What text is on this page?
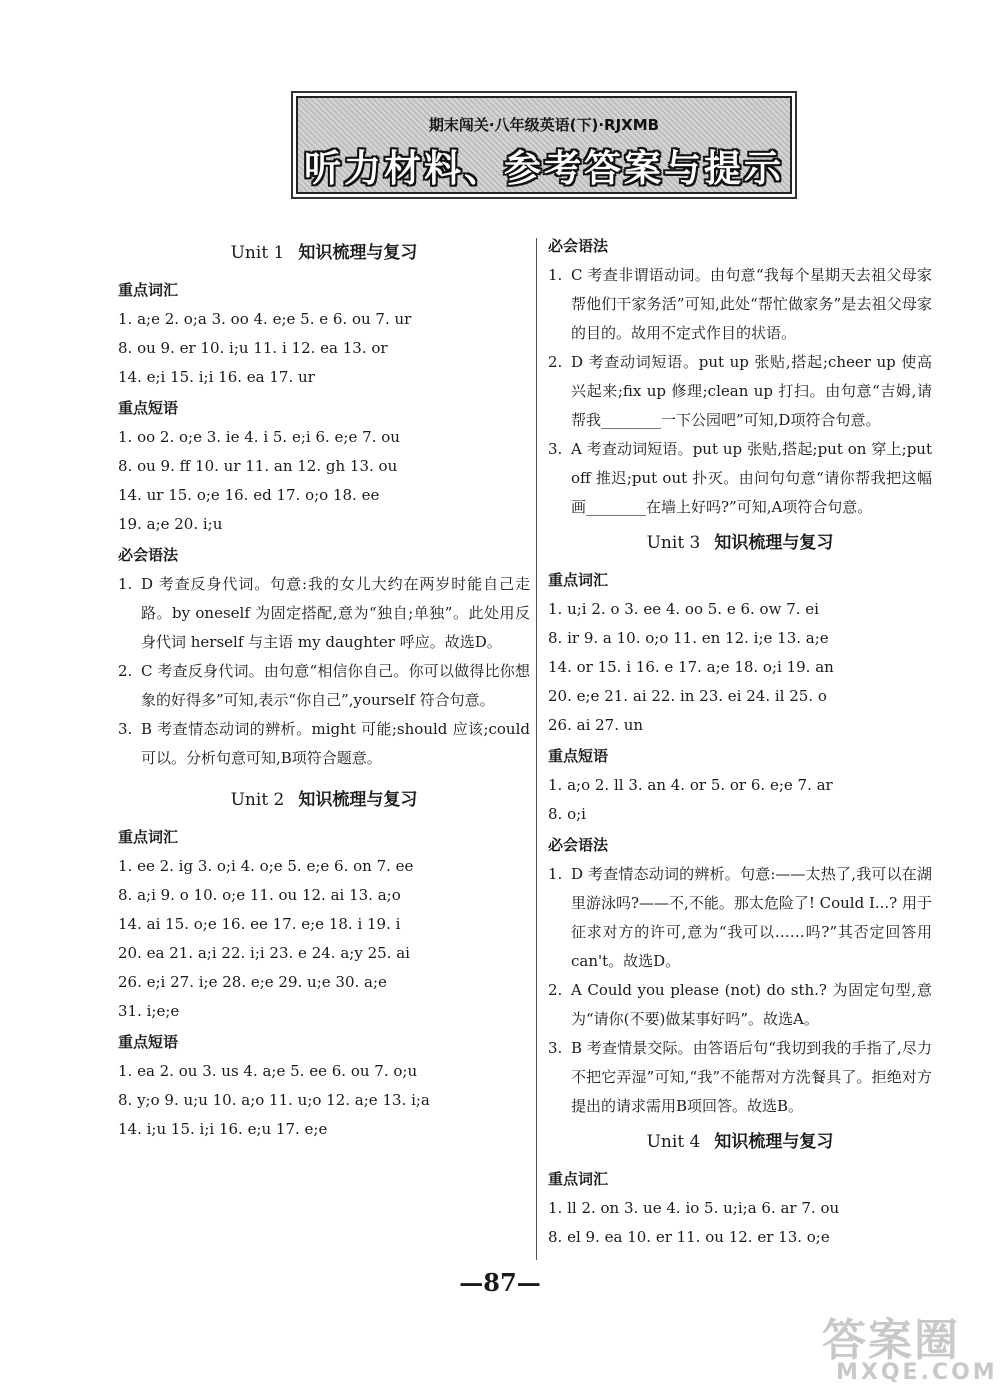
期末闯关·八年级英语(下)·RJXMB
听力材料、参考答案与提示
Unit 1 知识梳理与复习
重点词汇
1. a;e 2. o;a 3. oo 4. e;e 5. e 6. ou 7. ur
8. ou 9. er 10. i;u 11. i 12. ea 13. or
14. e;i 15. i;i 16. ea 17. ur
重点短语
1. oo 2. o;e 3. ie 4. i 5. e;i 6. e;e 7. ou
8. ou 9. ff 10. ur 11. an 12. gh 13. ou
14. ur 15. o;e 16. ed 17. o;o 18. ee
19. a;e 20. i;u
必会语法
1. D 考查反身代词。句意:我的女儿大约在两岁时能自己走路。by oneself 为固定搭配,意为“独自;单独”。此处用反身代词 herself 与主语 my daughter 呼应。故选D。
2. C 考查反身代词。由句意“相信你自己。你可以做得比你想象的好得多”可知,表示“你自己”,yourself 符合句意。
3. B 考查情态动词的辨析。might 可能;should 应该;could 可以。分析句意可知,B项符合题意。
Unit 2 知识梳理与复习
重点词汇
1. ee 2. ig 3. o;i 4. o;e 5. e;e 6. on 7. ee
8. a;i 9. o 10. o;e 11. ou 12. ai 13. a;o
14. ai 15. o;e 16. ee 17. e;e 18. i 19. i
20. ea 21. a;i 22. i;i 23. e 24. a;y 25. ai
26. e;i 27. i;e 28. e;e 29. u;e 30. a;e
31. i;e;e
重点短语
1. ea 2. ou 3. us 4. a;e 5. ee 6. ou 7. o;u
8. y;o 9. u;u 10. a;o 11. u;o 12. a;e 13. i;a
14. i;u 15. i;i 16. e;u 17. e;e
必会语法
1. C 考查非谓语动词。由句意“我每个星期天去祖父母家帮他们干家务活”可知,此处“帮忙做家务”是去祖父母家的目的。故用不定式作目的状语。
2. D 考查动词短语。put up 张贴,搭起;cheer up 使高兴起来;fix up 修理;clean up 打扫。由句意“吉姆,请帮我________一下公园吧”可知,D项符合句意。
3. A 考查动词短语。put up 张贴,搭起;put on 穿上;put off 推迟;put out 扑灭。由问句句意“请你帮我把这幅画________在墙上好吗?”可知,A项符合句意。
Unit 3 知识梳理与复习
重点词汇
1. u;i 2. o 3. ee 4. oo 5. e 6. ow 7. ei
8. ir 9. a 10. o;o 11. en 12. i;e 13. a;e
14. or 15. i 16. e 17. a;e 18. o;i 19. an
20. e;e 21. ai 22. in 23. ei 24. il 25. o
26. ai 27. un
重点短语
1. a;o 2. ll 3. an 4. or 5. or 6. e;e 7. ar
8. o;i
必会语法
1. D 考查情态动词的辨析。句意:——太热了,我可以在湖里游泳吗?——不,不能。那太危险了! Could I...? 用于征求对方的许可,意为“我可以……吗?”其否定回答用 can't。故选D。
2. A Could you please (not) do sth.? 为固定句型,意为“请你(不要)做某事好吗”。故选A。
3. B 考查情景交际。由答语后句“我切到我的手指了,尽力不把它弄湿”可知,“我”不能帮对方洗餐具了。拒绝对方提出的请求需用B项回答。故选B。
Unit 4 知识梳理与复习
重点词汇
1. ll 2. on 3. ue 4. io 5. u;i;a 6. ar 7. ou
8. el 9. ea 10. er 11. ou 12. er 13. o;e
—87—
答案圈
MXQE.COM
